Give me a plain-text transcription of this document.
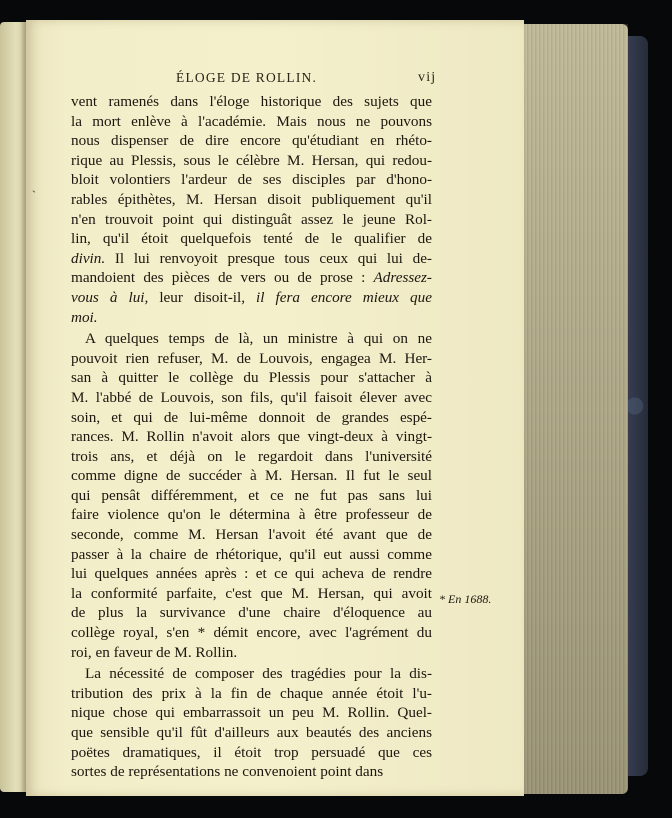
ÉLOGE DE ROLLIN.	vij
`
vent ramenés dans l'éloge historique des sujets que
la mort enlève à l'académie. Mais nous ne pouvons
nous dispenser de dire encore qu'étudiant en rhéto-
rique au Plessis, sous le célèbre M. Hersan, qui redou-
bloit volontiers l'ardeur de ses disciples par d'hono-
rables épithètes, M. Hersan disoit publiquement qu'il
n'en trouvoit point qui distinguât assez le jeune Rol-
lin, qu'il étoit quelquefois tenté de le qualifier de
divin. Il lui renvoyoit presque tous ceux qui lui de-
mandoient des pièces de vers ou de prose : Adressez-
vous à lui, leur disoit-il, il fera encore mieux que
moi.
A quelques temps de là, un ministre à qui on ne
pouvoit rien refuser, M. de Louvois, engagea M. Her-
san à quitter le collège du Plessis pour s'attacher à
M. l'abbé de Louvois, son fils, qu'il faisoit élever avec
soin, et qui de lui-même donnoit de grandes espé-
rances. M. Rollin n'avoit alors que vingt-deux à vingt-
trois ans, et déjà on le regardoit dans l'université
comme digne de succéder à M. Hersan. Il fut le seul
qui pensât différemment, et ce ne fut pas sans lui
faire violence qu'on le détermina à être professeur de
seconde, comme M. Hersan l'avoit été avant que de
passer à la chaire de rhétorique, qu'il eut aussi comme
lui quelques années après : et ce qui acheva de rendre
la conformité parfaite, c'est que M. Hersan, qui avoit
de plus la survivance d'une chaire d'éloquence au
collège royal, s'en * démit encore, avec l'agrément du
roi, en faveur de M. Rollin.
La nécessité de composer des tragédies pour la dis-
tribution des prix à la fin de chaque année étoit l'u-
nique chose qui embarrassoit un peu M. Rollin. Quel-
que sensible qu'il fût d'ailleurs aux beautés des anciens
poëtes dramatiques, il étoit trop persuadé que ces
sortes de représentations ne convenoient point dans
* En 1688.
